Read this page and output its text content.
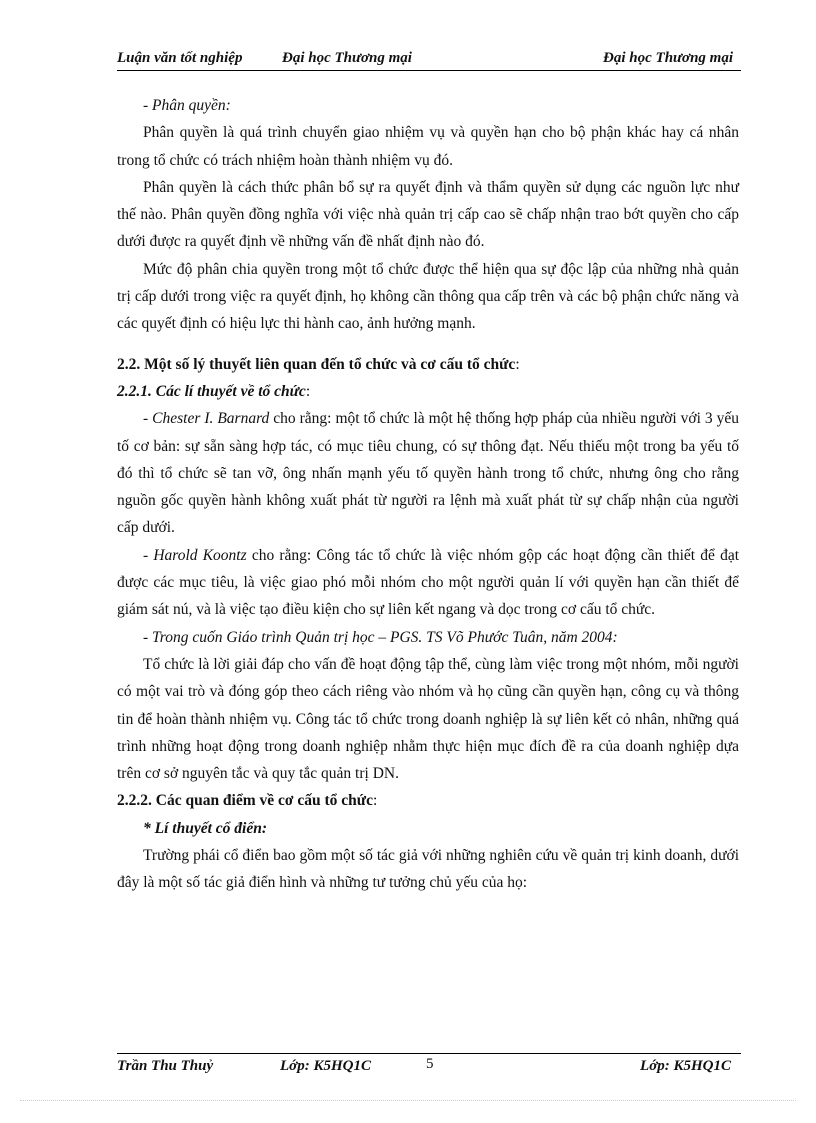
Luận văn tốt nghiệp	Đại học Thương mại	Đại học Thương mại

- Phân quyền:

Phân quyền là quá trình chuyển giao nhiệm vụ và quyền hạn cho bộ phận khác hay cá nhân trong tổ chức có trách nhiệm hoàn thành nhiệm vụ đó.

Phân quyền là cách thức phân bổ sự ra quyết định và thẩm quyền sử dụng các nguồn lực như thế nào. Phân quyền đồng nghĩa với việc nhà quản trị cấp cao sẽ chấp nhận trao bớt quyền cho cấp dưới được ra quyết định về những vấn đề nhất định nào đó.

Mức độ phân chia quyền trong một tổ chức được thể hiện qua sự độc lập của những nhà quản trị cấp dưới trong việc ra quyết định, họ không cần thông qua cấp trên và các bộ phận chức năng và các quyết định có hiệu lực thi hành cao, ảnh hưởng mạnh.

2.2. Một số lý thuyết liên quan đến tổ chức và cơ cấu tổ chức:

2.2.1. Các lí thuyết về tổ chức:

- Chester I. Barnard cho rằng: một tổ chức là một hệ thống hợp pháp của nhiều người với 3 yếu tố cơ bản: sự sẵn sàng hợp tác, có mục tiêu chung, có sự thông đạt. Nếu thiếu một trong ba yếu tố đó thì tổ chức sẽ tan vỡ, ông nhấn mạnh yếu tố quyền hành trong tổ chức, nhưng ông cho rằng nguồn gốc quyền hành không xuất phát từ người ra lệnh mà xuất phát từ sự chấp nhận của người cấp dưới.

- Harold Koontz cho rằng: Công tác tổ chức là việc nhóm gộp các hoạt động cần thiết để đạt được các mục tiêu, là việc giao phó mỗi nhóm cho một người quản lí với quyền hạn cần thiết để giám sát nú, và là việc tạo điều kiện cho sự liên kết ngang và dọc trong cơ cấu tổ chức.

- Trong cuốn Giáo trình Quản trị học – PGS. TS Võ Phước Tuân, năm 2004:

Tổ chức là lời giải đáp cho vấn đề hoạt động tập thể, cùng làm việc trong một nhóm, mỗi người có một vai trò và đóng góp theo cách riêng vào nhóm và họ cũng cần quyền hạn, công cụ và thông tin để hoàn thành nhiệm vụ. Công tác tổ chức trong doanh nghiệp là sự liên kết cỏ nhân, những quá trình những hoạt động trong doanh nghiệp nhằm thực hiện mục đích đề ra của doanh nghiệp dựa trên cơ sở nguyên tắc và quy tắc quản trị DN.

2.2.2. Các quan điểm về cơ cấu tổ chức:

* Lí thuyết cổ điển:

Trường phái cổ điển bao gồm một số tác giả với những nghiên cứu về quản trị kinh doanh, dưới đây là một số tác giả điển hình và những tư tưởng chủ yếu của họ:

Trần Thu Thuỷ	Lớp: K5HQ1C	5	Lớp: K5HQ1C
